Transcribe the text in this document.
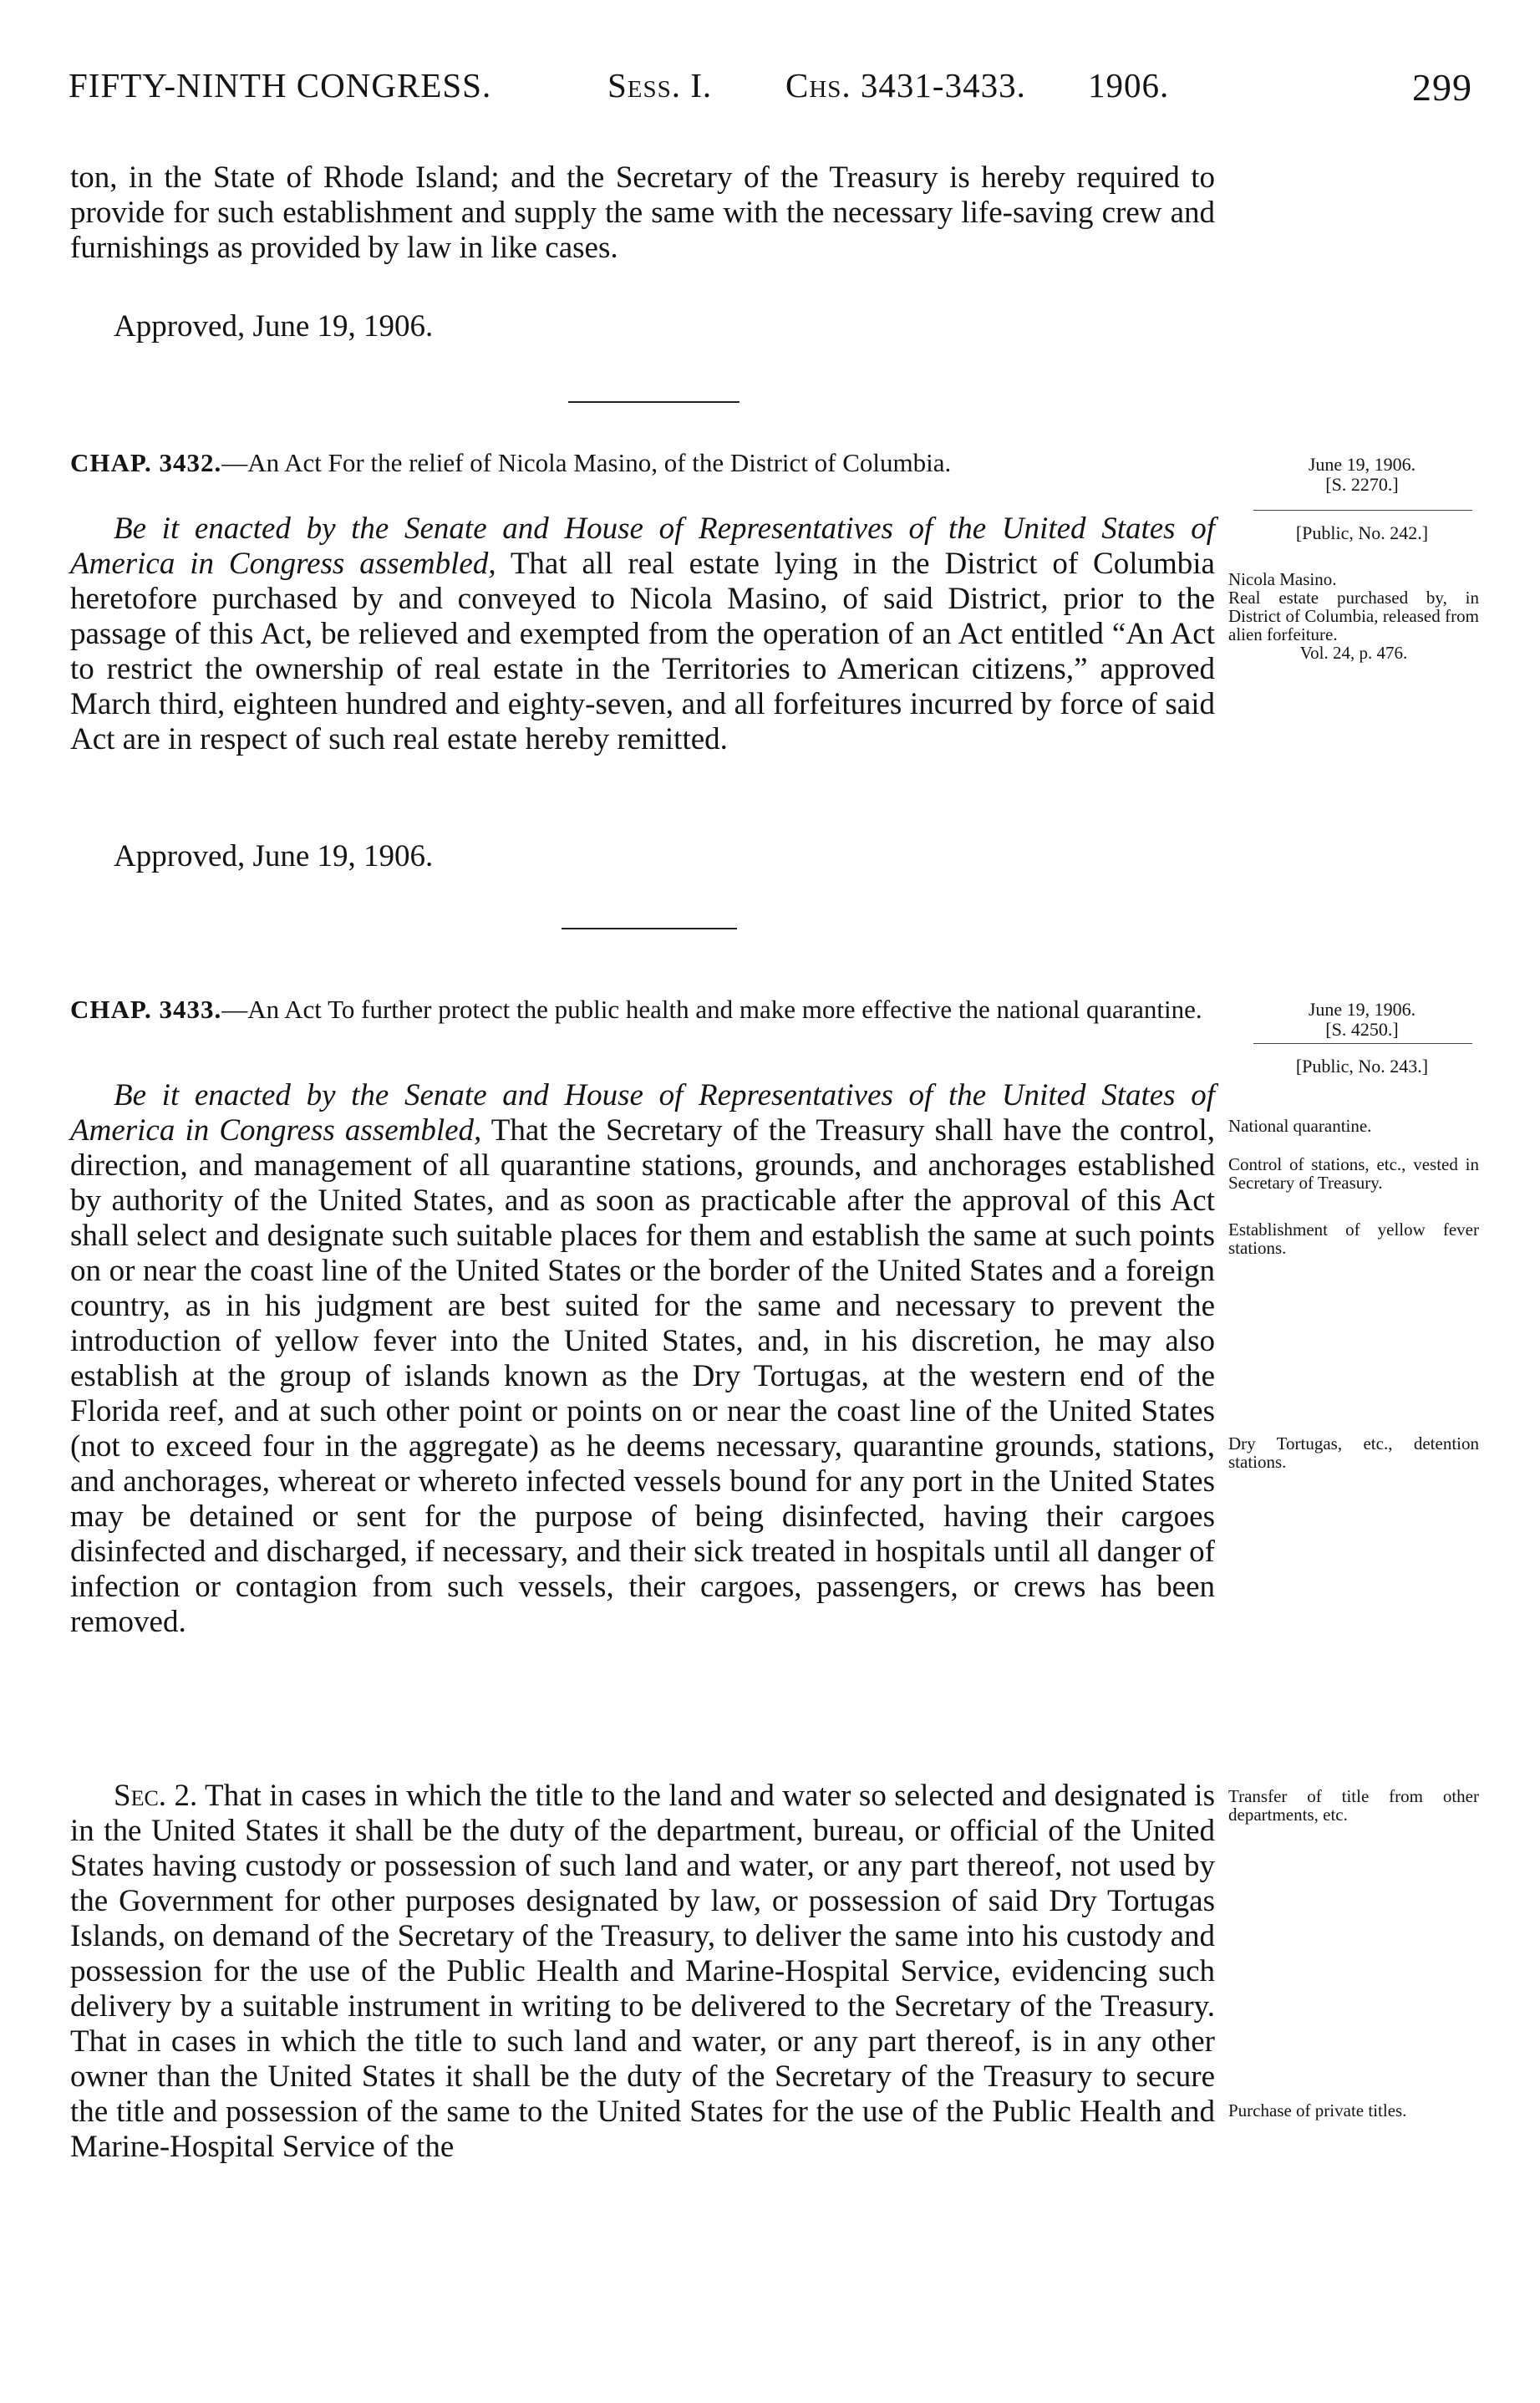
FIFTY-NINTH CONGRESS.	Sess. I. Chs. 3431-3433. 1906.	299

ton, in the State of Rhode Island; and the Secretary of the Treasury is hereby required to provide for such establishment and supply the same with the necessary life-saving crew and furnishings as provided by law in like cases.

Approved, June 19, 1906.

CHAP. 3432.—An Act For the relief of Nicola Masino, of the District of Columbia.	June 19, 1906.
[S. 2270.]

[Public, No. 242.]

Be it enacted by the Senate and House of Representatives of the United States of America in Congress assembled, That all real estate lying in the District of Columbia heretofore purchased by and conveyed to Nicola Masino, of said District, prior to the passage of this Act, be relieved and exempted from the operation of an Act entitled “An Act to restrict the ownership of real estate in the Territories to American citizens,” approved March third, eighteen hundred and eighty-seven, and all forfeitures incurred by force of said Act are in respect of such real estate hereby remitted.

Nicola Masino.
Real estate purchased by, in District of Columbia, released from alien forfeiture.
Vol. 24, p. 476.

Approved, June 19, 1906.

CHAP. 3433.—An Act To further protect the public health and make more effective the national quarantine.	June 19, 1906.
[S. 4250.]

[Public, No. 243.]

Be it enacted by the Senate and House of Representatives of the United States of America in Congress assembled, That the Secretary of the Treasury shall have the control, direction, and management of all quarantine stations, grounds, and anchorages established by authority of the United States, and as soon as practicable after the approval of this Act shall select and designate such suitable places for them and establish the same at such points on or near the coast line of the United States or the border of the United States and a foreign country, as in his judgment are best suited for the same and necessary to prevent the introduction of yellow fever into the United States, and, in his discretion, he may also establish at the group of islands known as the Dry Tortugas, at the western end of the Florida reef, and at such other point or points on or near the coast line of the United States (not to exceed four in the aggregate) as he deems necessary, quarantine grounds, stations, and anchorages, whereat or whereto infected vessels bound for any port in the United States may be detained or sent for the purpose of being disinfected, having their cargoes disinfected and discharged, if necessary, and their sick treated in hospitals until all danger of infection or contagion from such vessels, their cargoes, passengers, or crews has been removed.

Sec. 2. That in cases in which the title to the land and water so selected and designated is in the United States it shall be the duty of the department, bureau, or official of the United States having custody or possession of such land and water, or any part thereof, not used by the Government for other purposes designated by law, or possession of said Dry Tortugas Islands, on demand of the Secretary of the Treasury, to deliver the same into his custody and possession for the use of the Public Health and Marine-Hospital Service, evidencing such delivery by a suitable instrument in writing to be delivered to the Secretary of the Treasury. That in cases in which the title to such land and water, or any part thereof, is in any other owner than the United States it shall be the duty of the Secretary of the Treasury to secure the title and possession of the same to the United States for the use of the Public Health and Marine-Hospital Service of the

National quarantine.

Control of stations, etc., vested in Secretary of Treasury.

Establishment of yellow fever stations.

Dry Tortugas, etc., detention stations.

Transfer of title from other departments, etc.

Purchase of private titles.
